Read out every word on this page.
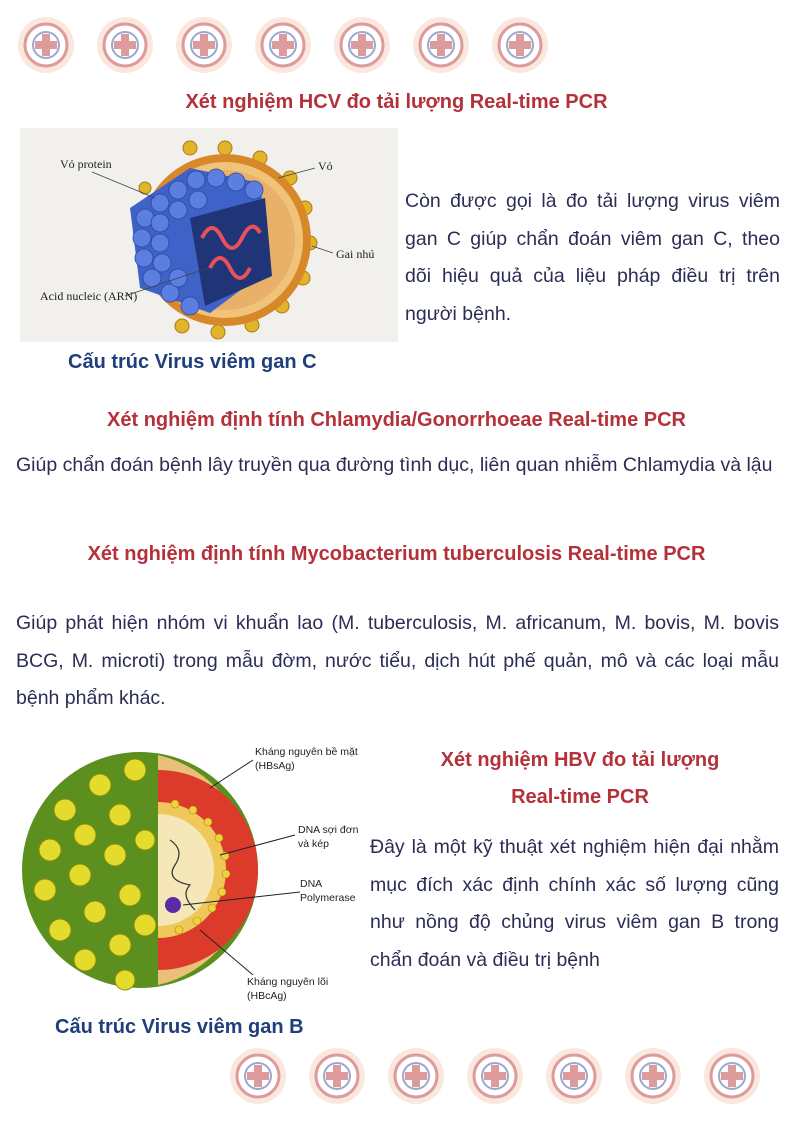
Xét nghiệm HCV đo tải lượng Real-time PCR
Vỏ protein	Vỏ
Gai nhú
Acid nucleic (ARN)

Còn được gọi là đo tải lượng virus viêm gan C giúp chẩn đoán viêm gan C, theo dõi hiệu quả của liệu pháp điều trị trên người bệnh.

Cấu trúc Virus viêm gan C

Xét nghiệm định tính Chlamydia/Gonorrhoeae Real-time PCR

Giúp chẩn đoán bệnh lây truyền qua đường tình dục, liên quan nhiễm Chlamydia và lậu

Xét nghiệm định tính Mycobacterium tuberculosis Real-time PCR

Giúp phát hiện nhóm vi khuẩn lao (M. tuberculosis, M. africanum, M. bovis, M. bovis BCG, M. microti) trong mẫu đờm, nước tiểu, dịch hút phế quản, mô và các loại mẫu bệnh phẩm khác.

Kháng nguyên bề mặt
(HBsAg)
DNA sợi đơn
và kép
DNA
Polymerase
Kháng nguyên lõi
(HBcAg)
Xét nghiệm HBV đo tải lượng
Real-time PCR

Đây là một kỹ thuật xét nghiệm hiện đại nhằm mục đích xác định chính xác số lượng cũng như nồng độ chủng virus viêm gan B trong chẩn đoán và điều trị bệnh

Cấu trúc Virus viêm gan B
